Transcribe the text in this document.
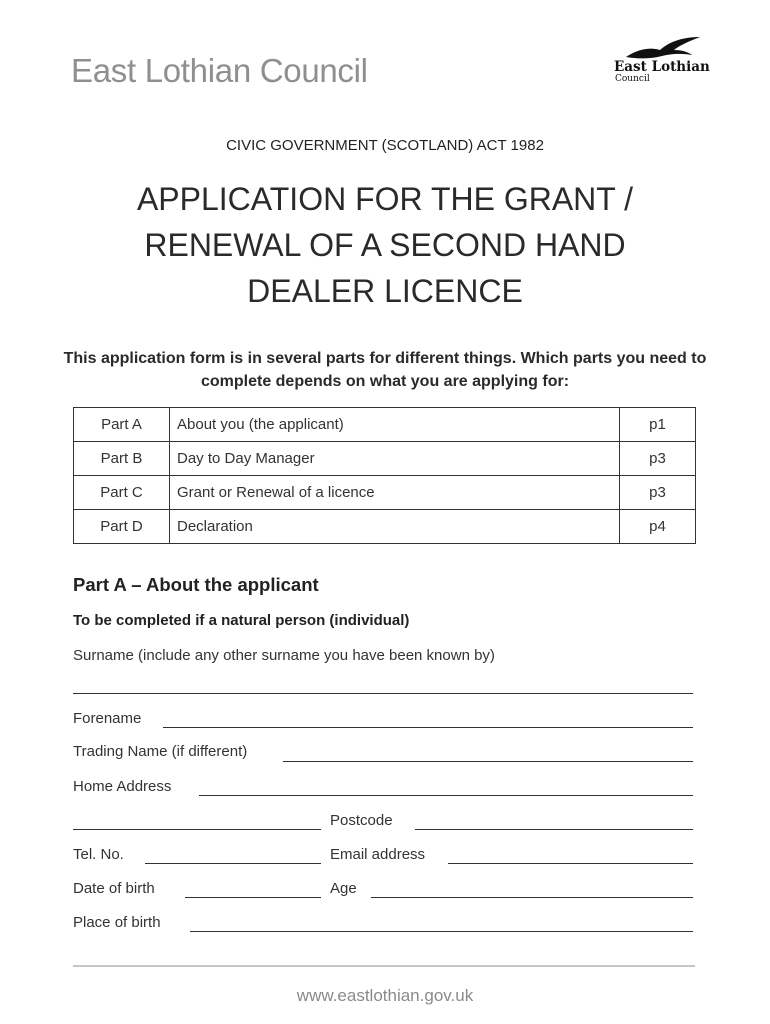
East Lothian Council	East Lothian
Council
CIVIC GOVERNMENT (SCOTLAND) ACT 1982
APPLICATION FOR THE GRANT /
RENEWAL OF A SECOND HAND
DEALER LICENCE
This application form is in several parts for different things. Which parts you need to complete depends on what you are applying for:
Part A	About you (the applicant)	p1
Part B	Day to Day Manager	p3
Part C	Grant or Renewal of a licence	p3
Part D	Declaration	p4
Part A – About the applicant
To be completed if a natural person (individual)
Surname (include any other surname you have been known by)
Forename
Trading Name (if different)
Home Address
Postcode
Tel. No.	Email address
Date of birth	Age
Place of birth
www.eastlothian.gov.uk
